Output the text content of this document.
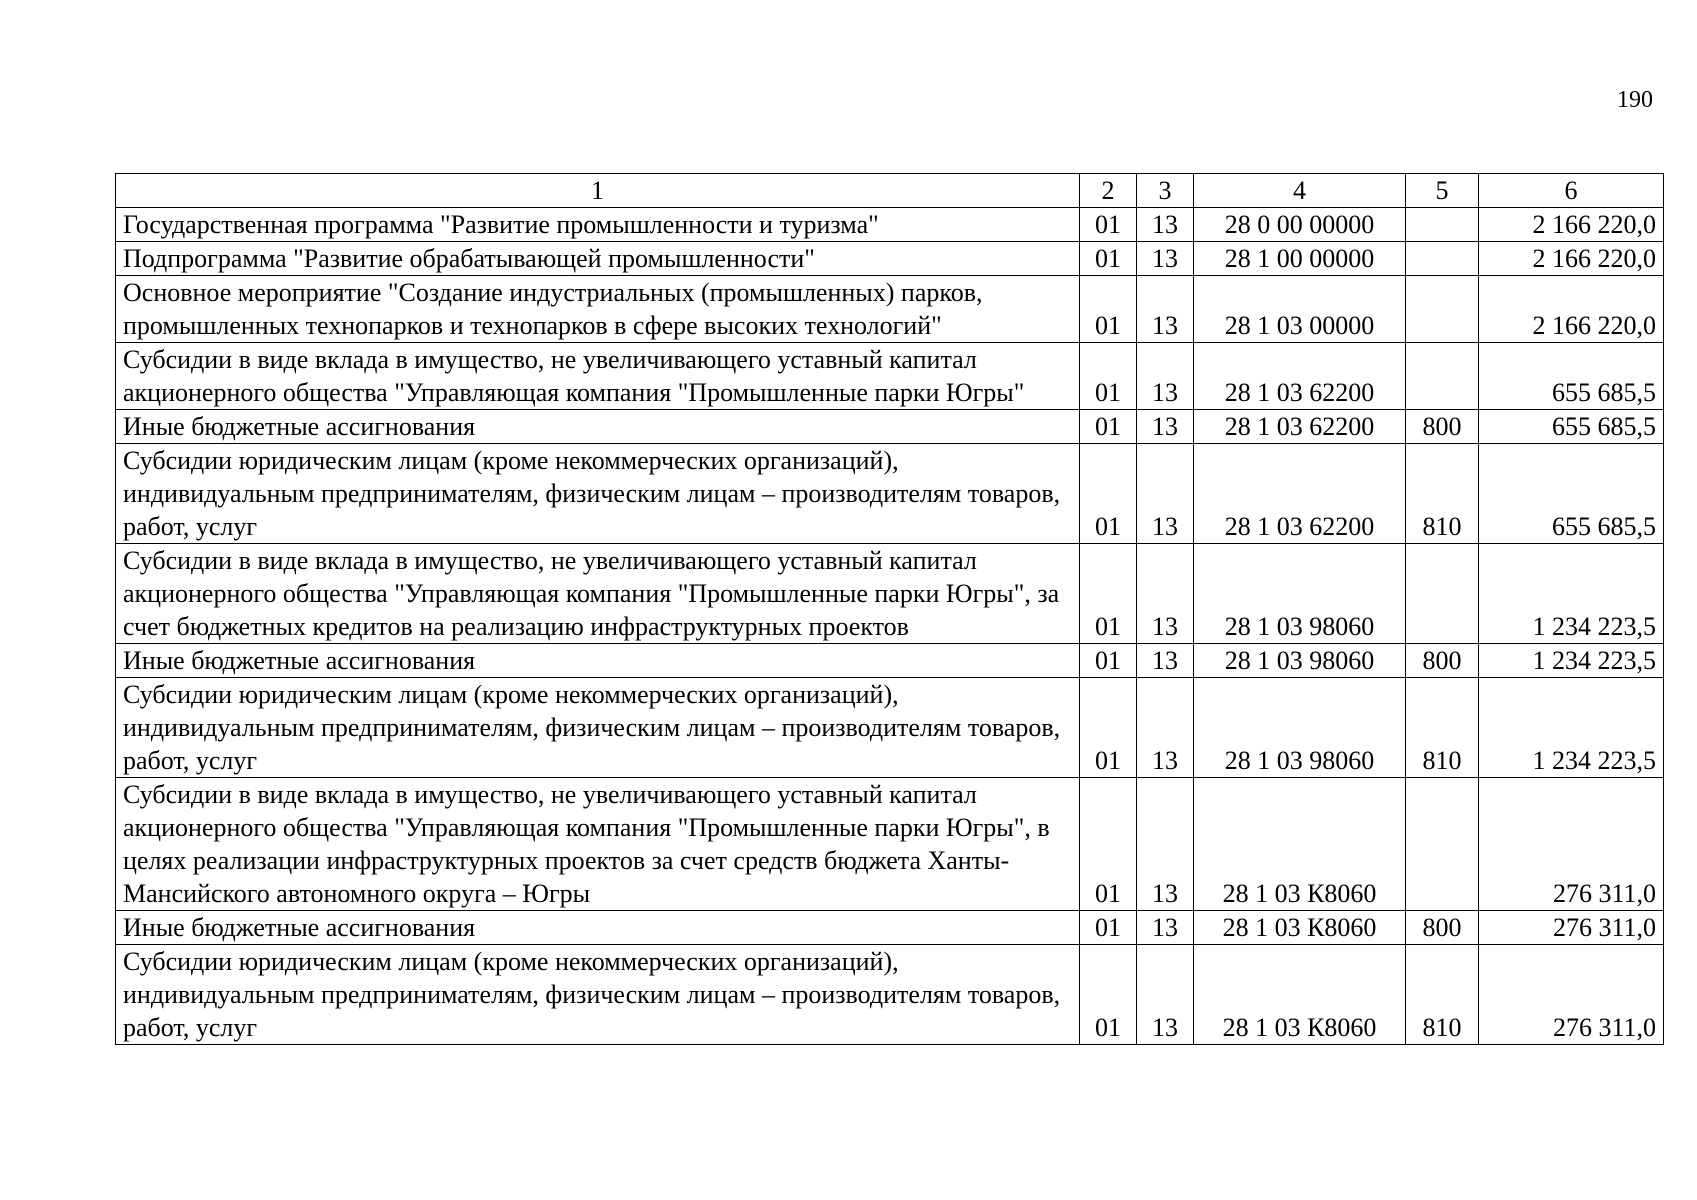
190
1	2	3	4	5	6
Государственная программа "Развитие промышленности и туризма"	01	13	28 0 00 00000		2 166 220,0
Подпрограмма "Развитие обрабатывающей промышленности"	01	13	28 1 00 00000		2 166 220,0
Основное мероприятие "Создание индустриальных (промышленных) парков, промышленных технопарков и технопарков в сфере высоких технологий"	01	13	28 1 03 00000		2 166 220,0
Субсидии в виде вклада в имущество, не увеличивающего уставный капитал акционерного общества "Управляющая компания "Промышленные парки Югры"	01	13	28 1 03 62200		655 685,5
Иные бюджетные ассигнования	01	13	28 1 03 62200	800	655 685,5
Субсидии юридическим лицам (кроме некоммерческих организаций), индивидуальным предпринимателям, физическим лицам – производителям товаров, работ, услуг	01	13	28 1 03 62200	810	655 685,5
Субсидии в виде вклада в имущество, не увеличивающего уставный капитал акционерного общества "Управляющая компания "Промышленные парки Югры", за счет бюджетных кредитов на реализацию инфраструктурных проектов	01	13	28 1 03 98060		1 234 223,5
Иные бюджетные ассигнования	01	13	28 1 03 98060	800	1 234 223,5
Субсидии юридическим лицам (кроме некоммерческих организаций), индивидуальным предпринимателям, физическим лицам – производителям товаров, работ, услуг	01	13	28 1 03 98060	810	1 234 223,5
Субсидии в виде вклада в имущество, не увеличивающего уставный капитал акционерного общества "Управляющая компания "Промышленные парки Югры", в целях реализации инфраструктурных проектов за счет средств бюджета Ханты-Мансийского автономного округа – Югры	01	13	28 1 03 К8060		276 311,0
Иные бюджетные ассигнования	01	13	28 1 03 К8060	800	276 311,0
Субсидии юридическим лицам (кроме некоммерческих организаций), индивидуальным предпринимателям, физическим лицам – производителям товаров, работ, услуг	01	13	28 1 03 К8060	810	276 311,0
